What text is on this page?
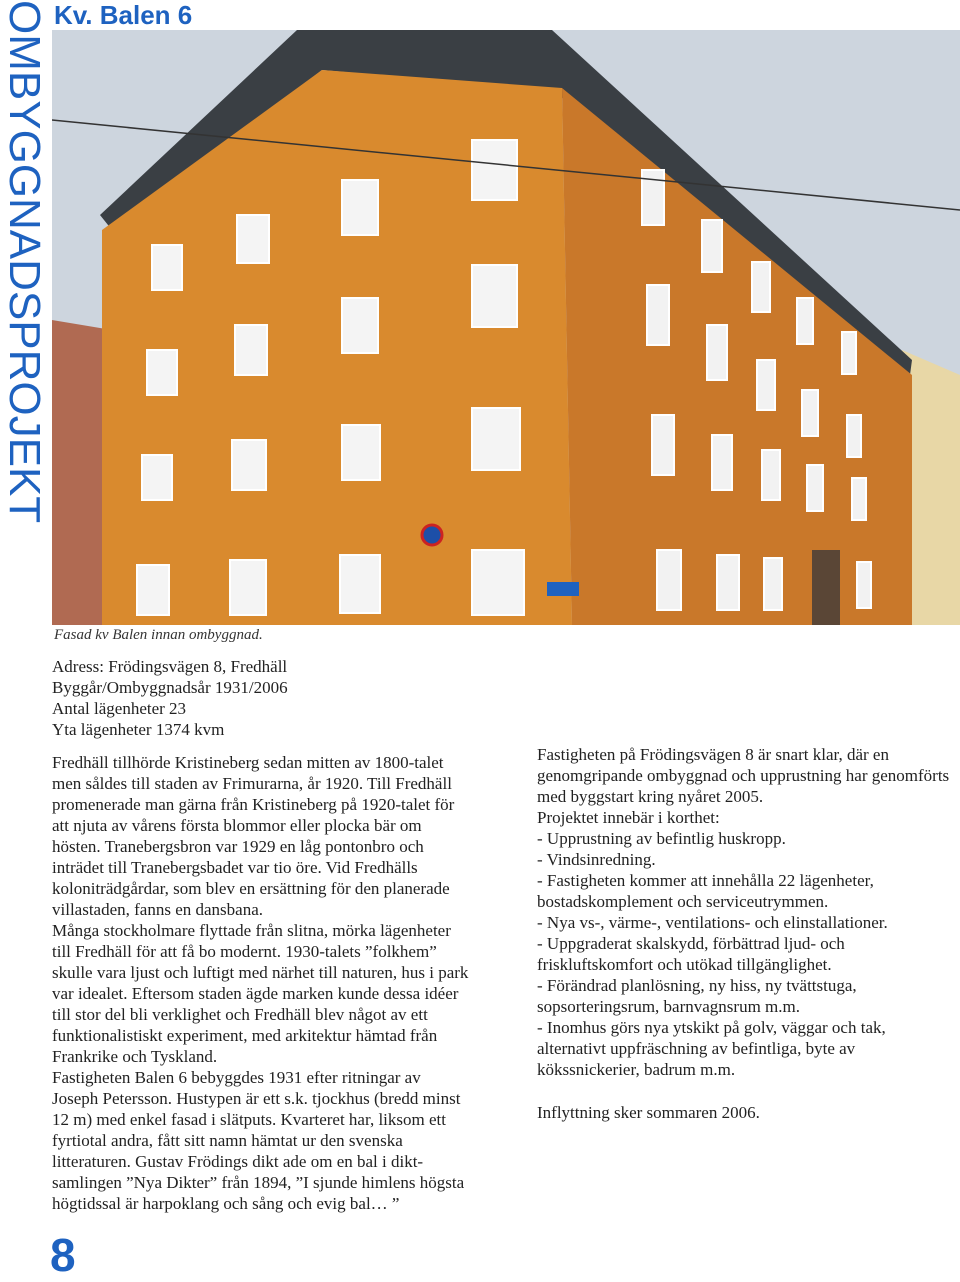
OMBYGGNADSPROJEKT Kv. Balen 6
Fasad kv Balen innan ombyggnad.

Adress: Frödingsvägen 8, Fredhäll

Byggår/Ombyggnadsår 1931/2006

Antal lägenheter 23

Yta lägenheter 1374 kvm

Fredhäll tillhörde Kristineberg sedan mitten av 1800-talet men såldes till staden av Frimurarna, år 1920. Till Fredhäll promenerade man gärna från Kristineberg på 1920-talet för att njuta av vårens första blommor eller plocka bär om hösten. Tranebergsbron var 1929 en låg pontonbro och inträdet till Tranebergsbadet var tio öre. Vid Fredhälls koloniträdgårdar, som blev en ersättning för den planerade villastaden, fanns en dansbana.

Många stockholmare flyttade från slitna, mörka lägenheter till Fredhäll för att få bo modernt. 1930-talets ”folkhem” skulle vara ljust och luftigt med närhet till naturen, hus i park var idealet. Eftersom staden ägde marken kunde dessa idéer till stor del bli verklighet och Fredhäll blev något av ett funktionalistiskt experiment, med arkitektur hämtad från Frankrike och Tyskland.

Fastigheten Balen 6 bebyggdes 1931 efter ritningar av Joseph Petersson. Hustypen är ett s.k. tjockhus (bredd minst 12 m) med enkel fasad i slätputs. Kvarteret har, liksom ett fyrtiotal andra, fått sitt namn hämtat ur den svenska litteraturen. Gustav Frödings dikt ade om en bal i dikt-samlingen ”Nya Dikter” från 1894, ”I sjunde himlens högsta högtidssal är harpoklang och sång och evig bal… ”

Fastigheten på Frödingsvägen 8 är snart klar, där en genomgripande ombyggnad och upprustning har genomförts med byggstart kring nyåret 2005.

Projektet innebär i korthet:

- Upprustning av befintlig huskropp.

- Vindsinredning.

- Fastigheten kommer att innehålla 22 lägenheter, bostadskomplement och serviceutrymmen.

- Nya vs-, värme-, ventilations- och elinstallationer.

- Uppgraderat skalskydd, förbättrad ljud- och friskluftskomfort och utökad tillgänglighet.

- Förändrad planlösning, ny hiss, ny tvättstuga, sopsorteringsrum, barnvagnsrum m.m.

- Inomhus görs nya ytskikt på golv, väggar och tak, alternativt uppfräschning av befintliga, byte av kökssnickerier, badrum m.m.

Inflyttning sker sommaren 2006.

8
